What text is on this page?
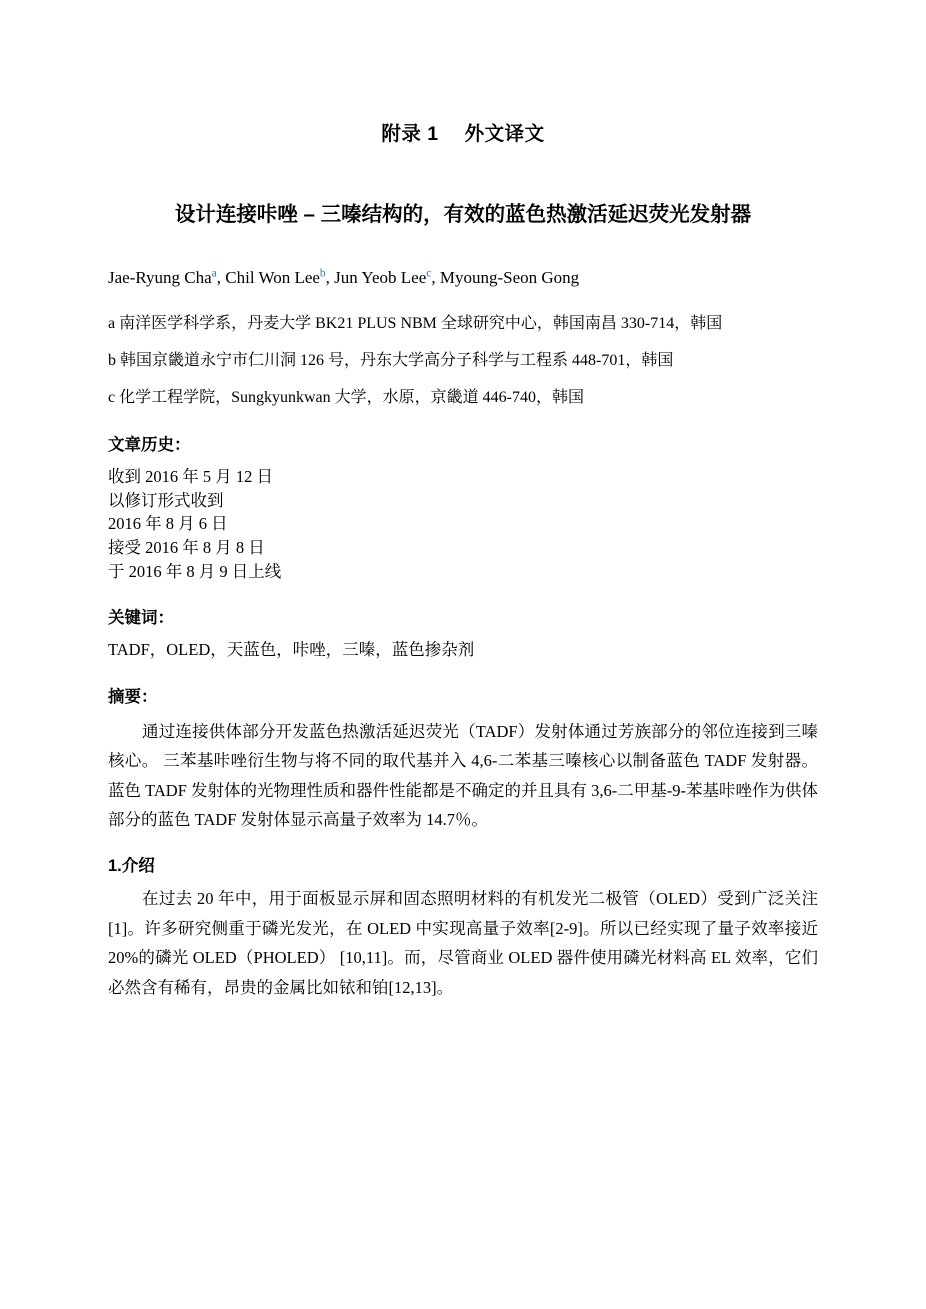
附录 1 外文译文
设计连接咔唑 – 三嗪结构的，有效的蓝色热激活延迟荧光发射器
Jae-Ryung Cha$^a$, Chil Won Lee$^b$, Jun Yeob Lee$^c$, Myoung-Seon Gong
a 南洋医学科学系，丹麦大学 BK21 PLUS NBM 全球研究中心，韩国南昌 330-714，韩国
b 韩国京畿道永宁市仁川洞 126 号，丹东大学高分子科学与工程系 448-701，韩国
c 化学工程学院，Sungkyunkwan 大学，水原，京畿道 446-740，韩国
文章历史：
收到 2016 年 5 月 12 日
以修订形式收到
2016 年 8 月 6 日
接受 2016 年 8 月 8 日
于 2016 年 8 月 9 日上线
关键词：
TADF，OLED，天蓝色，咔唑，三嗪，蓝色掺杂剂
摘要：
通过连接供体部分开发蓝色热激活延迟荧光（TADF）发射体通过芳族部分的邻位连接到三嗪核心。 三苯基咔唑衍生物与将不同的取代基并入 4,6-二苯基三嗪核心以制备蓝色 TADF 发射器。 蓝色 TADF 发射体的光物理性质和器件性能都是不确定的并且具有 3,6-二甲基-9-苯基咔唑作为供体部分的蓝色 TADF 发射体显示高量子效率为 14.7％。
1.介绍
在过去 20 年中，用于面板显示屏和固态照明材料的有机发光二极管（OLED）受到广泛关注[1]。许多研究侧重于磷光发光，在 OLED 中实现高量子效率[2-9]。所以已经实现了量子效率接近 20%的磷光 OLED（PHOLED） [10,11]。而，尽管商业 OLED 器件使用磷光材料高 EL 效率，它们必然含有稀有，昂贵的金属比如铱和铂[12,13]。
